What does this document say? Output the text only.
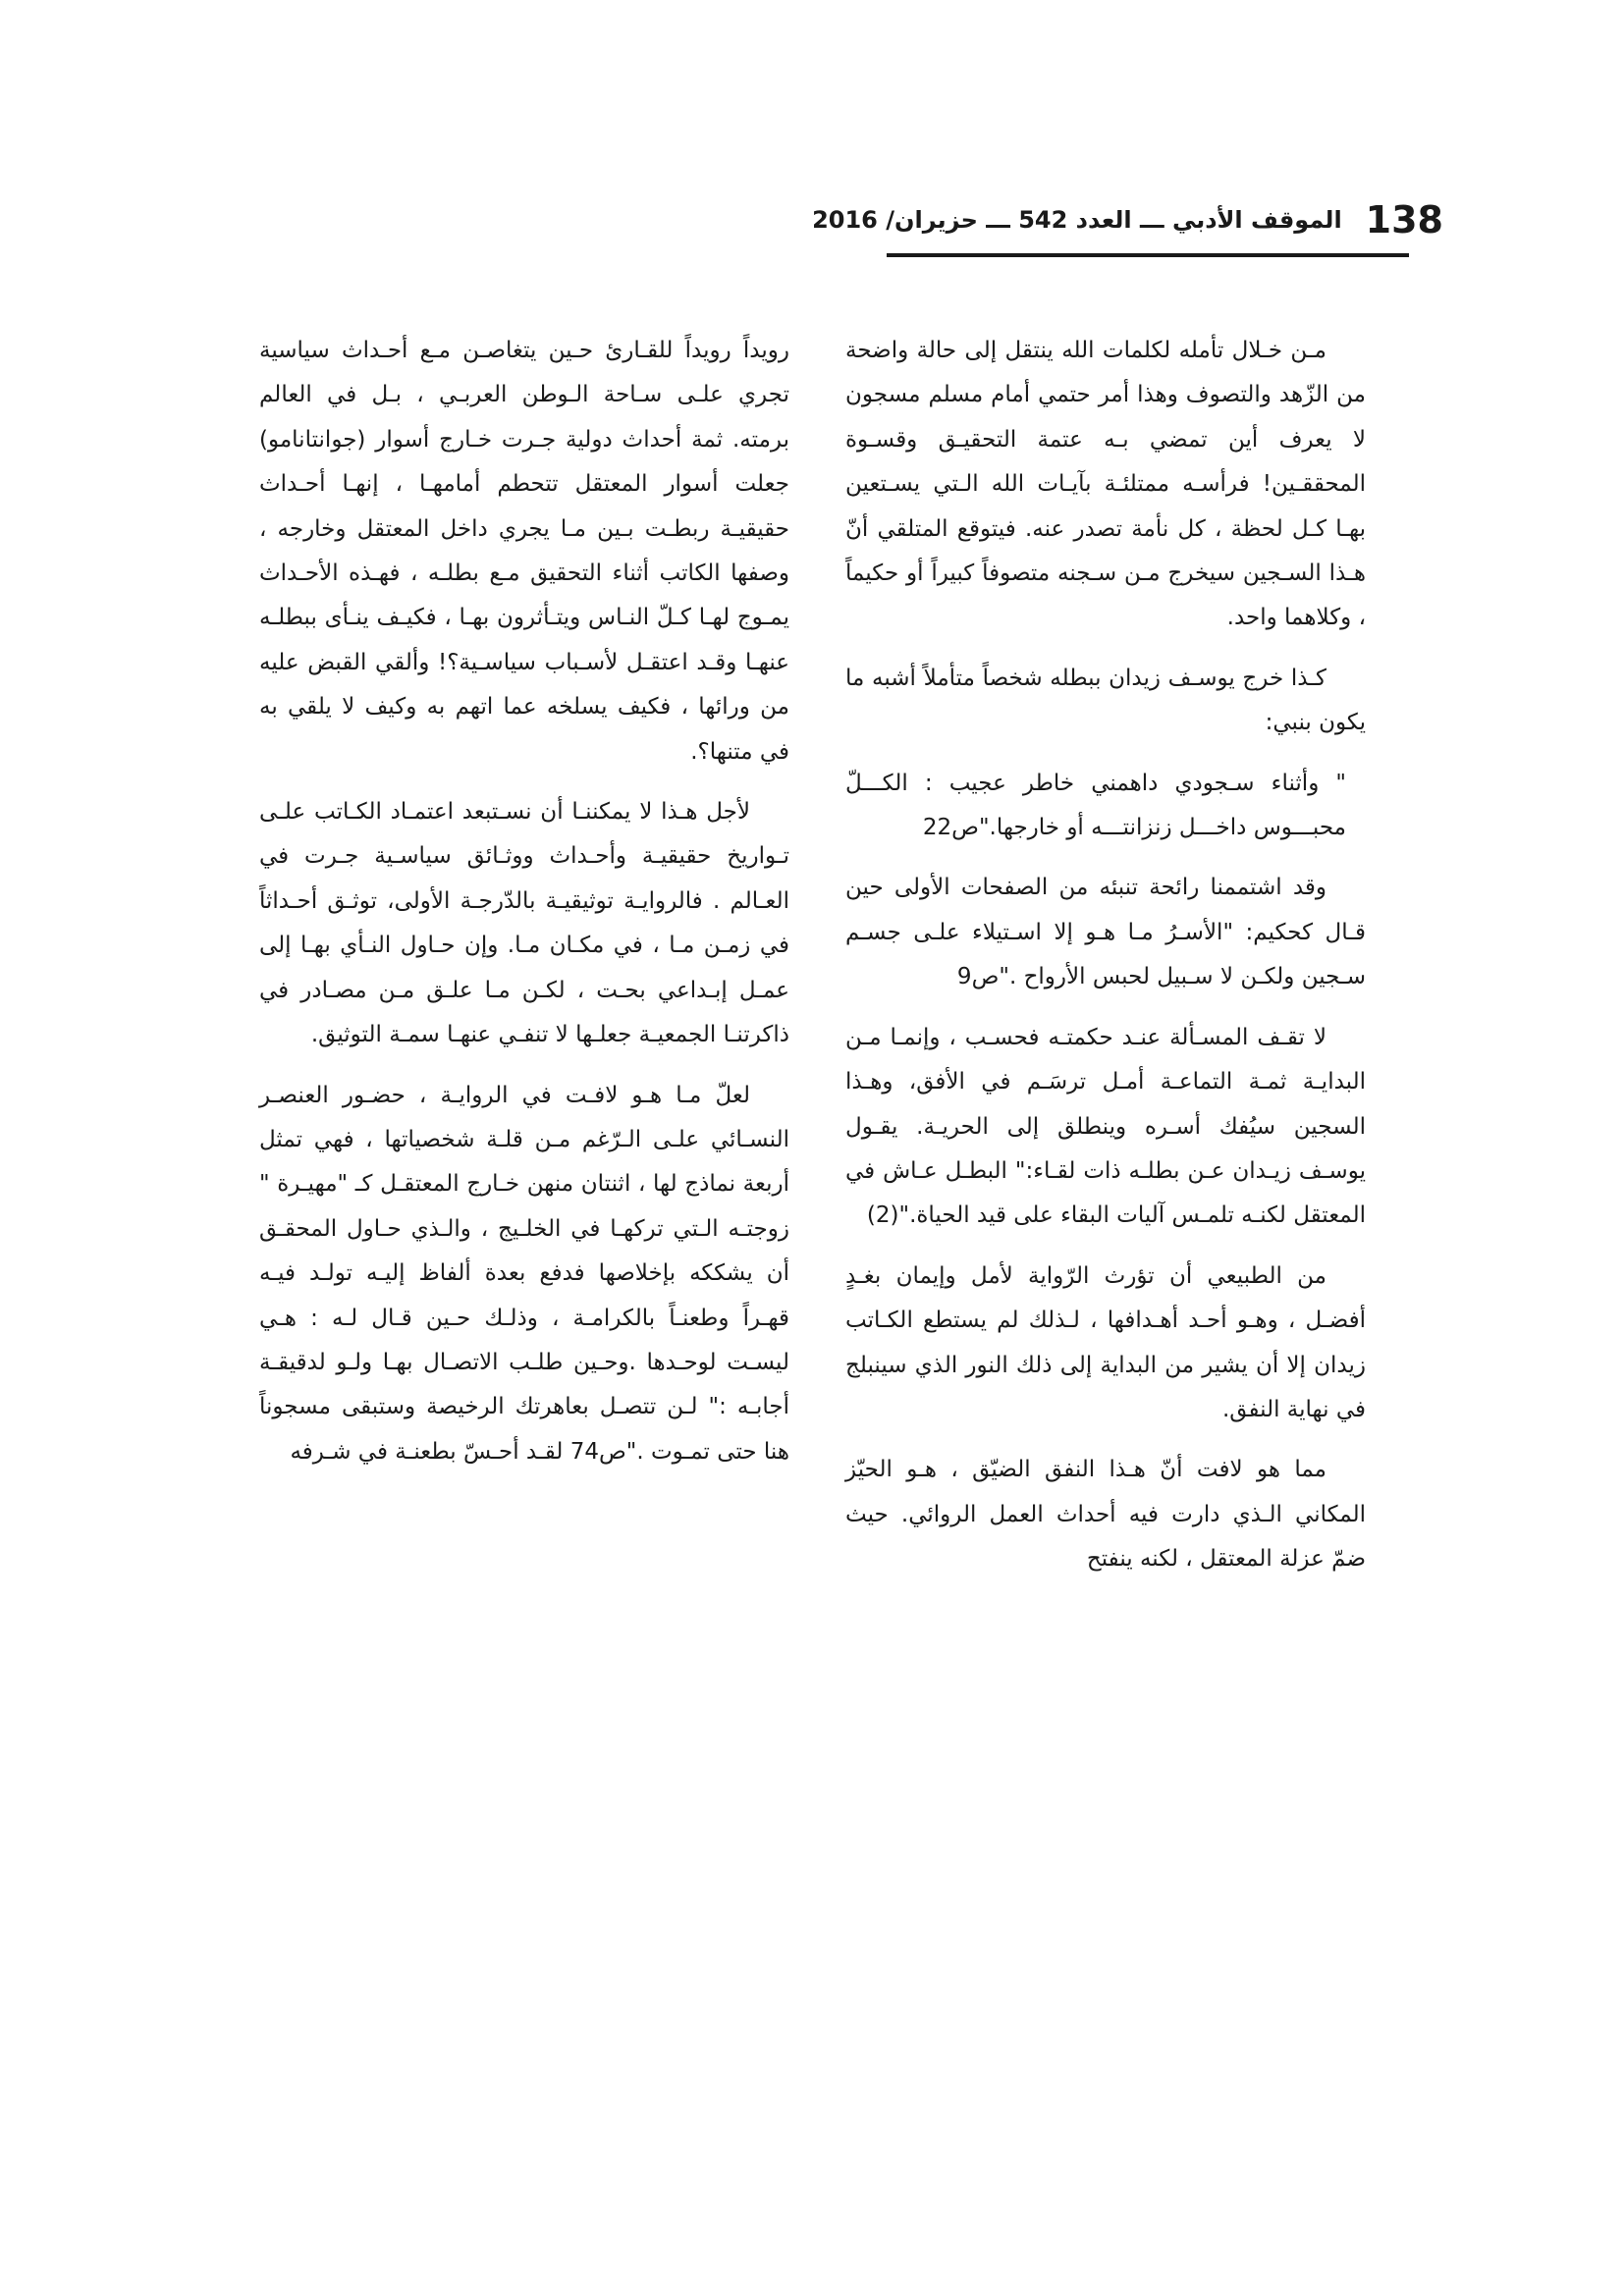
138
الموقف الأدبي ـــ العدد 542 ـــ حزيران/ 2016

مـن خـلال تأمله لكلمات الله ينتقل إلى حالة واضحة من الزّهد والتصوف وهذا أمر حتمي أمام مسلم مسجون لا يعرف أين تمضي بـه عتمة التحقيـق وقسـوة المحققـين! فرأسـه ممتلئـة بآيـات الله الـتي يسـتعين بهـا كـل لحظة ، كل نأمة تصدر عنه. فيتوقع المتلقي أنّ هـذا السـجين سيخرج مـن سـجنه متصوفاً كبيراً أو حكيماً ، وكلاهما واحد.

كـذا خرج يوسـف زيدان ببطله شخصاً متأملاً أشبه ما يكون بنبي:

" وأثناء سـجودي داهمني خاطر عجيب : الكـــلّ محبـــوس داخـــل زنزانتـــه أو خارجها."ص22

وقد اشتممنا رائحة تنبئه من الصفحات الأولى حين قـال كحكيم: "الأسـرُ مـا هـو إلا اسـتيلاء علـى جسـم سـجين ولكـن لا سـبيل لحبس الأرواح ."ص9

لا تقـف المسـألة عنـد حكمتـه فحسـب ، وإنمـا مـن البدايـة ثمـة التماعـة أمـل ترسَـم في الأفق، وهـذا السجين سيُفك أسـره وينطلق إلى الحريـة. يقـول يوسـف زيـدان عـن بطلـه ذات لقـاء:" البطـل عـاش في المعتقل لكنـه تلمـس آليات البقاء على قيد الحياة."(2)

من الطبيعي أن تؤرث الرّواية لأمل وإيمان بغـدٍ أفضـل ، وهـو أحـد أهـدافها ، لـذلك لم يستطع الكـاتب زيدان إلا أن يشير من البداية إلى ذلك النور الذي سينبلج في نهاية النفق.

مما هو لافت أنّ هـذا النفق الضيّق ، هـو الحيّز المكاني الـذي دارت فيه أحداث العمل الروائي. حيث ضمّ عزلة المعتقل ، لكنه ينفتح

رويداً رويداً للقـارئ حـين يتغاصـن مـع أحـداث سياسية تجري علـى سـاحة الـوطن العربـي ، بـل في العالم برمته. ثمة أحداث دولية جـرت خـارج أسوار (جوانتانامو) جعلت أسوار المعتقل تتحطم أمامهـا ، إنهـا أحـداث حقيقيـة ربطـت بـين مـا يجري داخل المعتقل وخارجه ، وصفها الكاتب أثناء التحقيق مـع بطلـه ، فهـذه الأحـداث يمـوج لهـا كـلّ النـاس ويتـأثرون بهـا ، فكيـف ينـأى ببطلـه عنهـا وقـد اعتقـل لأسـباب سياسـية؟! وألقي القبض عليه من ورائها ، فكيف يسلخه عما اتهم به وكيف لا يلقي به في متنها؟.

لأجل هـذا لا يمكننـا أن نسـتبعد اعتمـاد الكـاتب علـى تـواريخ حقيقيـة وأحـداث ووثـائق سياسـية جـرت في العـالم . فالروايـة توثيقيـة بالدّرجـة الأولى، توثـق أحـداثاً في زمـن مـا ، في مكـان مـا. وإن حـاول النـأي بهـا إلى عمـل إبـداعي بحـت ، لكـن مـا علـق مـن مصـادر في ذاكرتنـا الجمعيـة جعلـها لا تنفـي عنهـا سمـة التوثيق.

لعلّ مـا هـو لافـت في الروايـة ، حضـور العنصـر النسـائي علـى الـرّغم مـن قلـة شخصياتها ، فهي تمثل أربعة نماذج لها ، اثنتان منهن خـارج المعتقـل كـ "مهيـرة " زوجتـه الـتي تركهـا في الخلـيج ، والـذي حـاول المحقـق أن يشككه بإخلاصها فدفع بعدة ألفاظ إليـه تولـد فيـه قهـراً وطعنـاً بالكرامـة ، وذلـك حـين قـال لـه : هـي ليسـت لوحـدها .وحـين طلـب الاتصـال بهـا ولـو لدقيقـة أجابـه :" لـن تتصـل بعاهرتك الرخيصة وستبقى مسجوناً هنا حتى تمـوت ."ص74 لقـد أحـسّ بطعنـة في شـرفه
